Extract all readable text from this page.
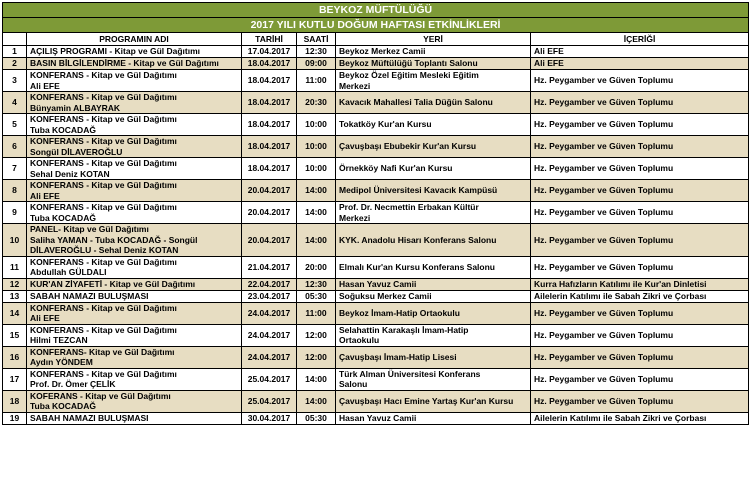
BEYKOZ MÜFTÜLÜĞÜ					
2017 YILI KUTLU DOĞUM HAFTASI ETKİNLİKLERİ					
	PROGRAMIN ADI	TARİHİ	SAATİ	YERİ	İÇERİĞİ
1	AÇILIŞ PROGRAMI - Kitap ve Gül Dağıtımı	17.04.2017	12:30	Beykoz Merkez Camii	Ali EFE
2	BASIN BİLGİLENDİRME - Kitap ve Gül Dağıtımı	18.04.2017	09:00	Beykoz Müftülüğü Toplantı Salonu	Ali EFE
3	KONFERANS - Kitap ve Gül Dağıtımı
Ali EFE	18.04.2017	11:00	Beykoz Özel Eğitim Mesleki Eğitim
Merkezi	Hz. Peygamber ve Güven Toplumu
4	KONFERANS - Kitap ve Gül Dağıtımı
Bünyamin ALBAYRAK	18.04.2017	20:30	Kavacık Mahallesi Talia Düğün Salonu	Hz. Peygamber ve Güven Toplumu
5	KONFERANS - Kitap ve Gül Dağıtımı
Tuba KOCADAĞ	18.04.2017	10:00	Tokatköy Kur'an Kursu	Hz. Peygamber ve Güven Toplumu
6	KONFERANS - Kitap ve Gül Dağıtımı
Songül DİLAVEROĞLU	18.04.2017	10:00	Çavuşbaşı Ebubekir Kur'an Kursu	Hz. Peygamber ve Güven Toplumu
7	KONFERANS - Kitap ve Gül Dağıtımı
Sehal Deniz KOTAN	18.04.2017	10:00	Örnekköy Nafi Kur'an Kursu	Hz. Peygamber ve Güven Toplumu
8	KONFERANS - Kitap ve Gül Dağıtımı
Ali EFE	20.04.2017	14:00	Medipol Üniversitesi Kavacık Kampüsü	Hz. Peygamber ve Güven Toplumu
9	KONFERANS - Kitap ve Gül Dağıtımı
Tuba KOCADAĞ	20.04.2017	14:00	Prof. Dr. Necmettin Erbakan Kültür
Merkezi	Hz. Peygamber ve Güven Toplumu
10	PANEL- Kitap ve Gül Dağıtımı
Saliha YAMAN - Tuba KOCADAĞ - Songül
DİLAVEROĞLU - Sehal Deniz KOTAN	20.04.2017	14:00	KYK. Anadolu Hisarı Konferans Salonu	Hz. Peygamber ve Güven Toplumu
11	KONFERANS - Kitap ve Gül Dağıtımı
Abdullah GÜLDALI	21.04.2017	20:00	Elmalı Kur'an Kursu Konferans Salonu	Hz. Peygamber ve Güven Toplumu
12	KUR'AN ZİYAFETİ - Kitap ve Gül Dağıtımı	22.04.2017	12:30	Hasan Yavuz Camii	Kurra Hafızların Katılımı ile Kur'an Dinletisi
13	SABAH NAMAZI BULUŞMASI	23.04.2017	05:30	Soğuksu Merkez Camii	Ailelerin Katılımı ile Sabah Zikri ve Çorbası
14	KONFERANS - Kitap ve Gül Dağıtımı
Ali EFE	24.04.2017	11:00	Beykoz İmam-Hatip Ortaokulu	Hz. Peygamber ve Güven Toplumu
15	KONFERANS - Kitap ve Gül Dağıtımı
Hilmi TEZCAN	24.04.2017	12:00	Selahattin Karakaşlı İmam-Hatip
Ortaokulu	Hz. Peygamber ve Güven Toplumu
16	KONFERANS- Kitap ve Gül Dağıtımı
Aydın YÖNDEM	24.04.2017	12:00	Çavuşbaşı İmam-Hatip Lisesi	Hz. Peygamber ve Güven Toplumu
17	KONFERANS - Kitap ve Gül Dağıtımı
Prof. Dr. Ömer ÇELİK	25.04.2017	14:00	Türk Alman Üniversitesi Konferans
Salonu	Hz. Peygamber ve Güven Toplumu
18	KOFERANS - Kitap ve Gül Dağıtımı
Tuba KOCADAĞ	25.04.2017	14:00	Çavuşbaşı Hacı Emine Yartaş Kur'an Kursu	Hz. Peygamber ve Güven Toplumu
19	SABAH NAMAZI BULUŞMASI	30.04.2017	05:30	Hasan Yavuz Camii	Ailelerin Katılımı ile Sabah Zikri ve Çorbası
